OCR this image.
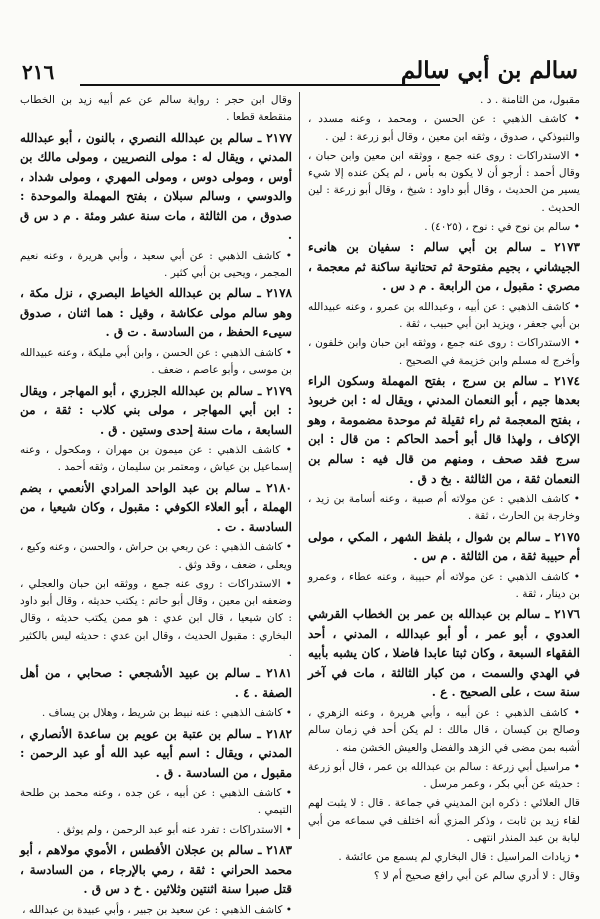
سالم بن أبي سالم
٢١٦

مقبول، من الثامنة . د .

• كاشف الذهبي : عن الحسن ، ومحمد ، وعنه مسدد ، والتبوذكي ، صدوق ، وثقه ابن معين ، وقال أبو زرعة : لين .

• الاستدراكات : روى عنه جمع ، ووثقه ابن معين وابن حبان ، وقال أحمد : أرجو أن لا يكون به بأس ، لم يكن عنده إلا شيء يسير من الحديث ، وقال أبو داود : شيخ ، وقال أبو زرعة : لين الحديث .

• سالم بن نوح في : نوح ، (٤٠٢٥) .

٢١٧٣ ـ سالم بن أبي سالم : سفيان بن هانىء الجيشاني ، بجيم مفتوحة ثم تحتانية ساكنة ثم معجمة ، مصري : مقبول ، من الرابعة . م د س .

• كاشف الذهبي : عن أبيه ، وعبدالله بن عمرو ، وعنه عبيدالله بن أبي جعفر ، ويزيد ابن أبي حبيب ، ثقة .

• الاستدراكات : روى عنه جمع ، ووثقه ابن حبان وابن خلفون ، وأخرج له مسلم وابن خزيمة في الصحيح .

٢١٧٤ ـ سالم بن سرج ، بفتح المهملة وسكون الراء بعدها جيم ، أبو النعمان المدني ، ويقال له : ابن خربوذ ، بفتح المعجمة ثم راء ثقيلة ثم موحدة مضمومة ، وهو الإكاف ، ولهذا قال أبو أحمد الحاكم : من قال : ابن سرج فقد صحف ، ومنهم من قال فيه : سالم بن النعمان ثقة ، من الثالثة . بخ د ق .

• كاشف الذهبي : عن مولاته أم صبية ، وعنه أسامة بن زيد ، وخارجة بن الحارث ، ثقة .

٢١٧٥ ـ سالم بن شوال ، بلفظ الشهر ، المكي ، مولى أم حبيبة ثقة ، من الثالثة . م س .

• كاشف الذهبي : عن مولاته أم حبيبة ، وعنه عطاء ، وعمرو بن دينار ، ثقة .

٢١٧٦ ـ سالم بن عبدالله بن عمر بن الخطاب القرشي العدوي ، أبو عمر ، أو أبو عبدالله ، المدني ، أحد الفقهاء السبعة ، وكان ثبتا عابدا فاضلا ، كان يشبه بأبيه في الهدي والسمت ، من كبار الثالثة ، مات في آخر سنة ست ، على الصحيح . ع .

• كاشف الذهبي : عن أبيه ، وأبي هريرة ، وعنه الزهري ، وصالح بن كيسان ، قال مالك : لم يكن أحد في زمان سالم أشبه بمن مضى في الزهد والفضل والعيش الخشن منه .

• مراسيل أبي زرعة : سالم بن عبدالله بن عمر ، قال أبو زرعة : حديثه عن أبي بكر ، وعمر مرسل .

قال العلائي : ذكره ابن المديني في جماعة . قال : لا يثبت لهم لقاء زيد بن ثابت ، وذكر المزي أنه اختلف في سماعه من أبي لبابة بن عبد المنذر انتهى .

• زيادات المراسيل : قال البخاري لم يسمع من عائشة .

وقال : لا أدري سالم عن أبي رافع صحيح أم لا ؟

وقال ابن حجر : رواية سالم عن عم أبيه زيد بن الخطاب منقطعة قطعا .

٢١٧٧ ـ سالم بن عبدالله النصري ، بالنون ، أبو عبدالله المدني ، ويقال له : مولى النصريين ، ومولى مالك بن أوس ، ومولى دوس ، ومولى المهري ، ومولى شداد ، والدوسي ، وسالم سبلان ، بفتح المهملة والموحدة : صدوق ، من الثالثة ، مات سنة عشر ومئة . م د س ق .

• كاشف الذهبي : عن أبي سعيد ، وأبي هريرة ، وعنه نعيم المجمر ، ويحيى بن أبي كثير .

٢١٧٨ ـ سالم بن عبدالله الخياط البصري ، نزل مكة ، وهو سالم مولى عكاشة ، وقيل : هما اثنان ، صدوق سيىء الحفظ ، من السادسة . ت ق .

• كاشف الذهبي : عن الحسن ، وابن أبي مليكة ، وعنه عبيدالله بن موسى ، وأبو عاصم ، ضعف .

٢١٧٩ ـ سالم بن عبدالله الجزري ، أبو المهاجر ، ويقال : ابن أبي المهاجر ، مولى بني كلاب : ثقة ، من السابعة ، مات سنة إحدى وستين . ق .

• كاشف الذهبي : عن ميمون بن مهران ، ومكحول ، وعنه إسماعيل بن عياش ، ومعتمر بن سليمان ، وثقه أحمد .

٢١٨٠ ـ سالم بن عبد الواحد المرادي الأنعمي ، بضم الهملة ، أبو العلاء الكوفي : مقبول ، وكان شيعيا ، من السادسة . ت .

• كاشف الذهبي : عن ربعي بن حراش ، والحسن ، وعنه وكيع ، ويعلى ، ضعف ، وقد وثق .

• الاستدراكات : روى عنه جمع ، ووثقه ابن حبان والعجلي ، وضعفه ابن معين ، وقال أبو حاتم : يكتب حديثه ، وقال أبو داود : كان شيعيا ، قال ابن عدي : هو ممن يكتب حديثه ، وقال البخاري : مقبول الحديث ، وقال ابن عدي : حديثه ليس بالكثير .

٢١٨١ ـ سالم بن عبيد الأشجعي : صحابي ، من أهل الصفة . ٤ .

• كاشف الذهبي : عنه نبيط بن شريط ، وهلال بن يساف .

٢١٨٢ ـ سالم بن عتبة بن عويم بن ساعدة الأنصاري ، المدني ، ويقال : اسم أبيه عبد الله أو عبد الرحمن : مقبول ، من السادسة . ق .

• كاشف الذهبي : عن أبيه ، عن جده ، وعنه محمد بن طلحة التيمي .

• الاستدراكات : تفرد عنه أبو عبد الرحمن ، ولم يوثق .

٢١٨٣ ـ سالم بن عجلان الأفطس ، الأموي مولاهم ، أبو محمد الحراني : ثقة ، رمي بالإرجاء ، من السادسة ، قتل صبرا سنة اثنتين وثلاثين . خ د س ق .

• كاشف الذهبي : عن سعيد بن جبير ، وأبي عبيدة بن عبدالله ،
